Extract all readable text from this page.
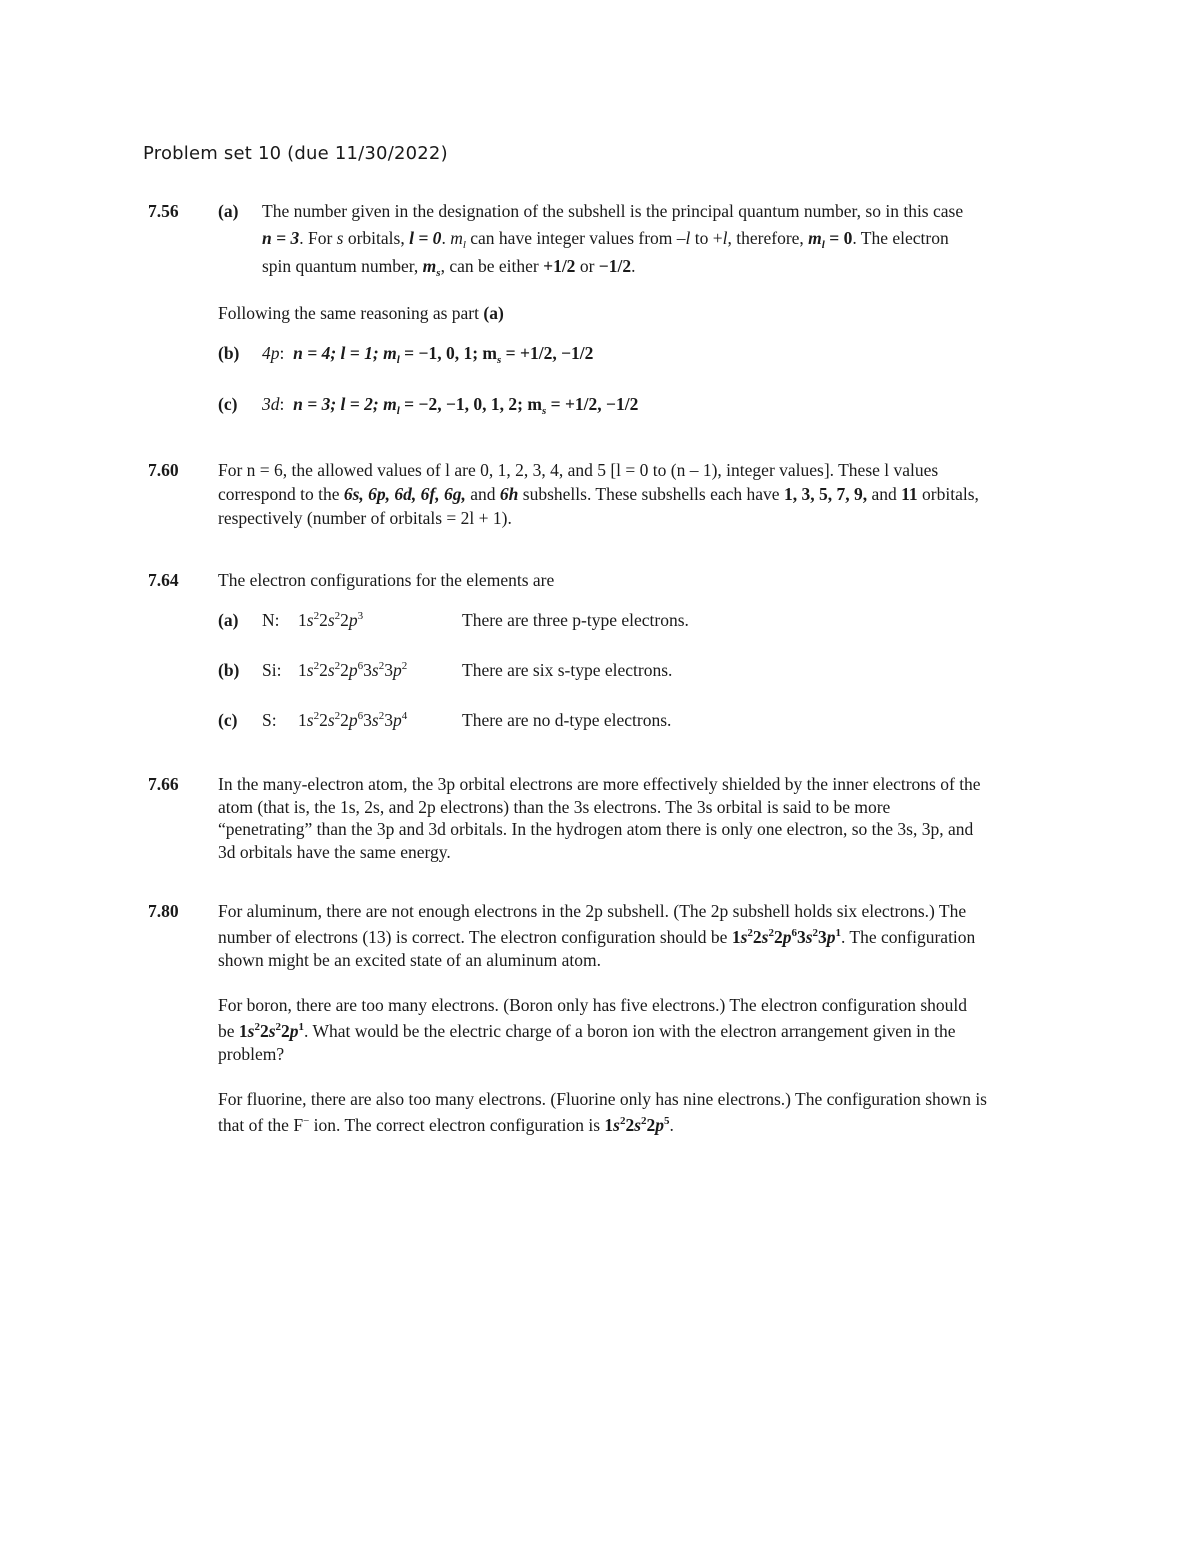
Problem set 10 (due 11/30/2022)
7.56 (a) The number given in the designation of the subshell is the principal quantum number, so in this case
n = 3. For s orbitals, l = 0. $m_l$ can have integer values from –l to +l, therefore, $m_l = 0$. The electron
spin quantum number, $m_s$, can be either +1/2 or −1/2.
Following the same reasoning as part (a)
(b) 4p:  n = 4; l = 1; $m_l = -1$, 0, 1; $m_s = +1/2$, −1/2
(c) 3d:  n = 3; l = 2; $m_l = -2$, −1, 0, 1, 2; $m_s = +1/2$, −1/2
7.60 For n = 6, the allowed values of l are 0, 1, 2, 3, 4, and 5 [l = 0 to (n – 1), integer values]. These l values
correspond to the 6s, 6p, 6d, 6f, 6g, and 6h subshells. These subshells each have 1, 3, 5, 7, 9, and 11 orbitals,
respectively (number of orbitals = 2l + 1).
7.64 The electron configurations for the elements are
(a) N: $1s^22s^22p^3$	There are three p-type electrons.
(b) Si: $1s^22s^22p^63s^23p^2$	There are six s-type electrons.
(c) S: $1s^22s^22p^63s^23p^4$	There are no d-type electrons.
7.66 In the many-electron atom, the 3p orbital electrons are more effectively shielded by the inner electrons of the
atom (that is, the 1s, 2s, and 2p electrons) than the 3s electrons. The 3s orbital is said to be more
“penetrating” than the 3p and 3d orbitals. In the hydrogen atom there is only one electron, so the 3s, 3p, and
3d orbitals have the same energy.
7.80 For aluminum, there are not enough electrons in the 2p subshell. (The 2p subshell holds six electrons.) The
number of electrons (13) is correct. The electron configuration should be $1s^22s^22p^63s^23p^1$. The configuration
shown might be an excited state of an aluminum atom.
For boron, there are too many electrons. (Boron only has five electrons.) The electron configuration should
be $1s^22s^22p^1$. What would be the electric charge of a boron ion with the electron arrangement given in the
problem?
For fluorine, there are also too many electrons. (Fluorine only has nine electrons.) The configuration shown is
that of the F− ion. The correct electron configuration is $1s^22s^22p^5$.
